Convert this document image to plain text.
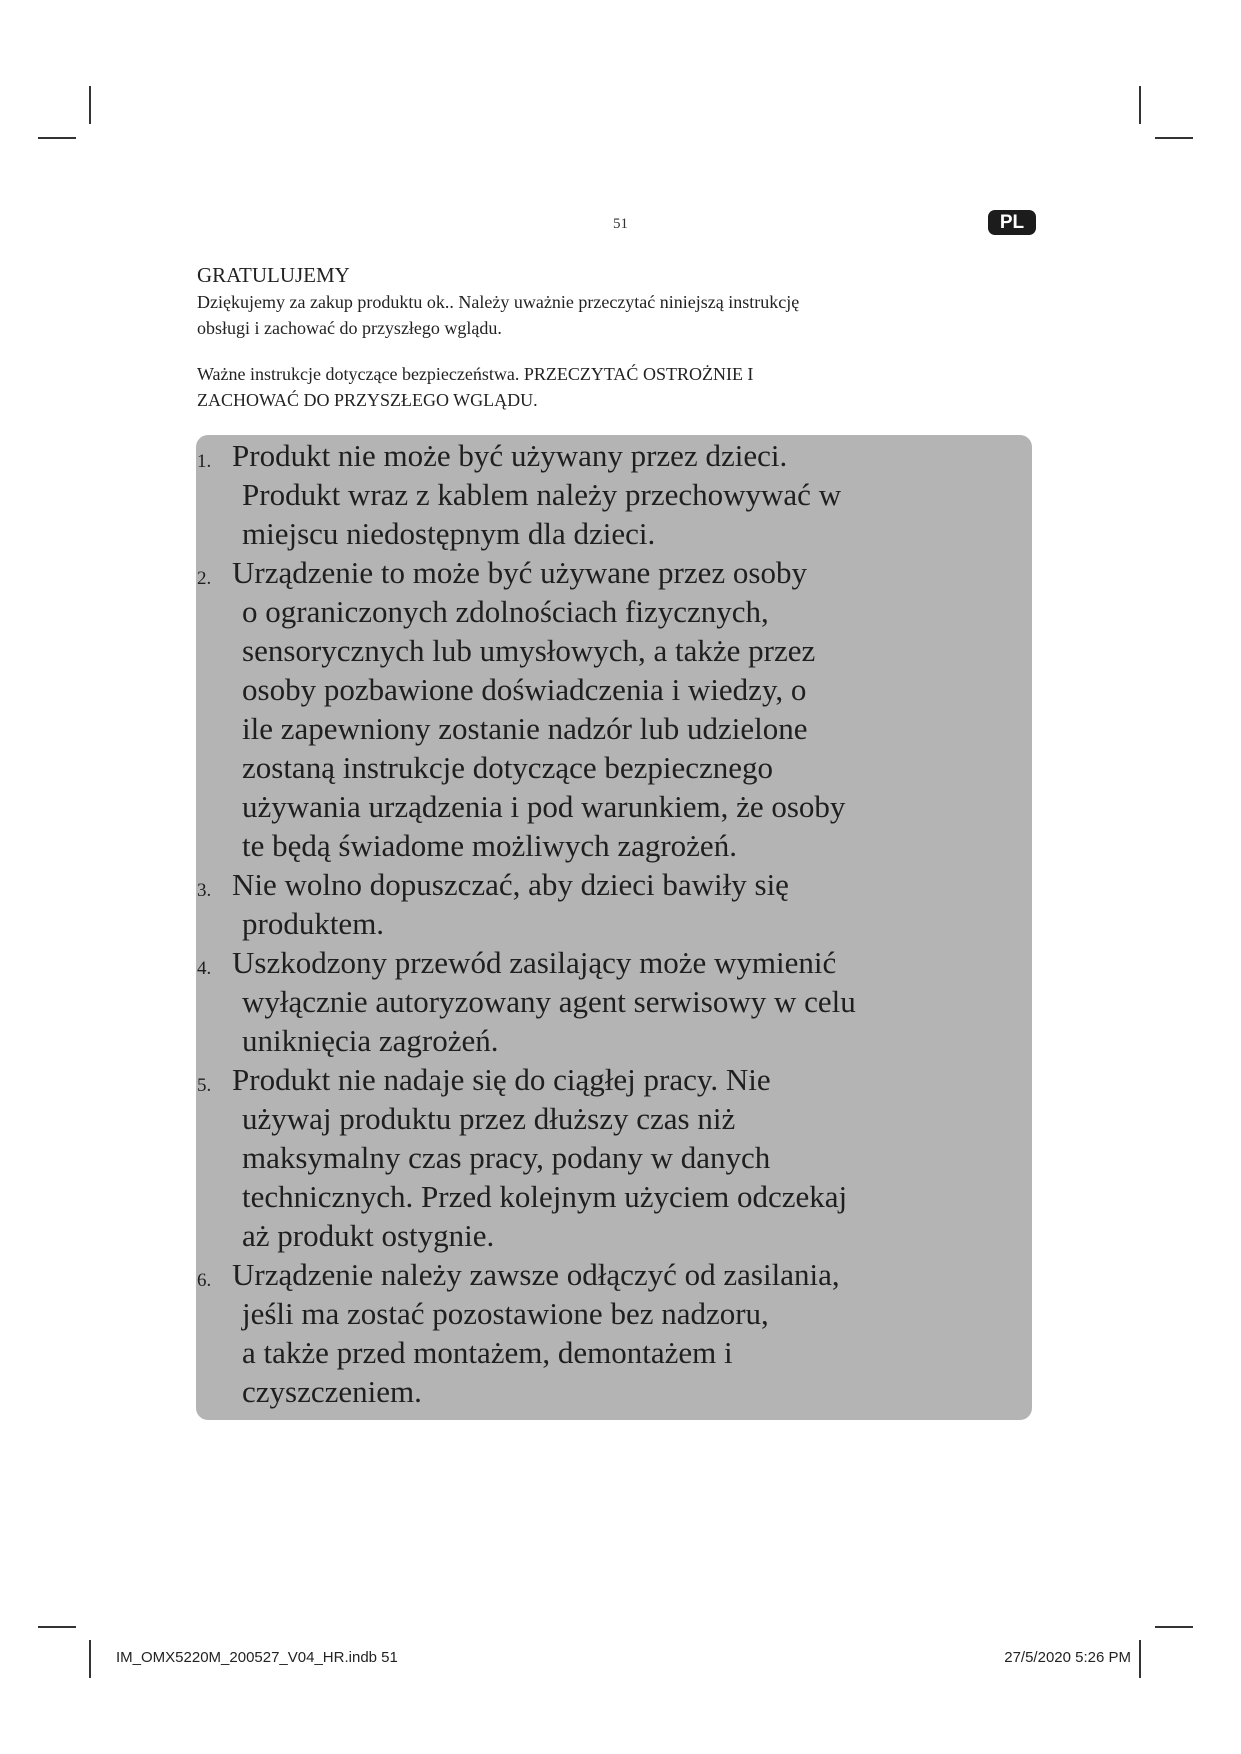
51	PL
GRATULUJEMY
Dziękujemy za zakup produktu ok.. Należy uważnie przeczytać niniejszą instrukcję
obsługi i zachować do przyszłego wglądu.
Ważne instrukcje dotyczące bezpieczeństwa. PRZECZYTAĆ OSTROŻNIE I
ZACHOWAĆ DO PRZYSZŁEGO WGLĄDU.
1. Produkt nie może być używany przez dzieci.
Produkt wraz z kablem należy przechowywać w
miejscu niedostępnym dla dzieci.
2. Urządzenie to może być używane przez osoby
o ograniczonych zdolnościach fizycznych,
sensorycznych lub umysłowych, a także przez
osoby pozbawione doświadczenia i wiedzy, o
ile zapewniony zostanie nadzór lub udzielone
zostaną instrukcje dotyczące bezpiecznego
używania urządzenia i pod warunkiem, że osoby
te będą świadome możliwych zagrożeń.
3. Nie wolno dopuszczać, aby dzieci bawiły się
produktem.
4. Uszkodzony przewód zasilający może wymienić
wyłącznie autoryzowany agent serwisowy w celu
uniknięcia zagrożeń.
5. Produkt nie nadaje się do ciągłej pracy. Nie
używaj produktu przez dłuższy czas niż
maksymalny czas pracy, podany w danych
technicznych. Przed kolejnym użyciem odczekaj
aż produkt ostygnie.
6. Urządzenie należy zawsze odłączyć od zasilania,
jeśli ma zostać pozostawione bez nadzoru,
a także przed montażem, demontażem i
czyszczeniem.
IM_OMX5220M_200527_V04_HR.indb 51	27/5/2020 5:26 PM
